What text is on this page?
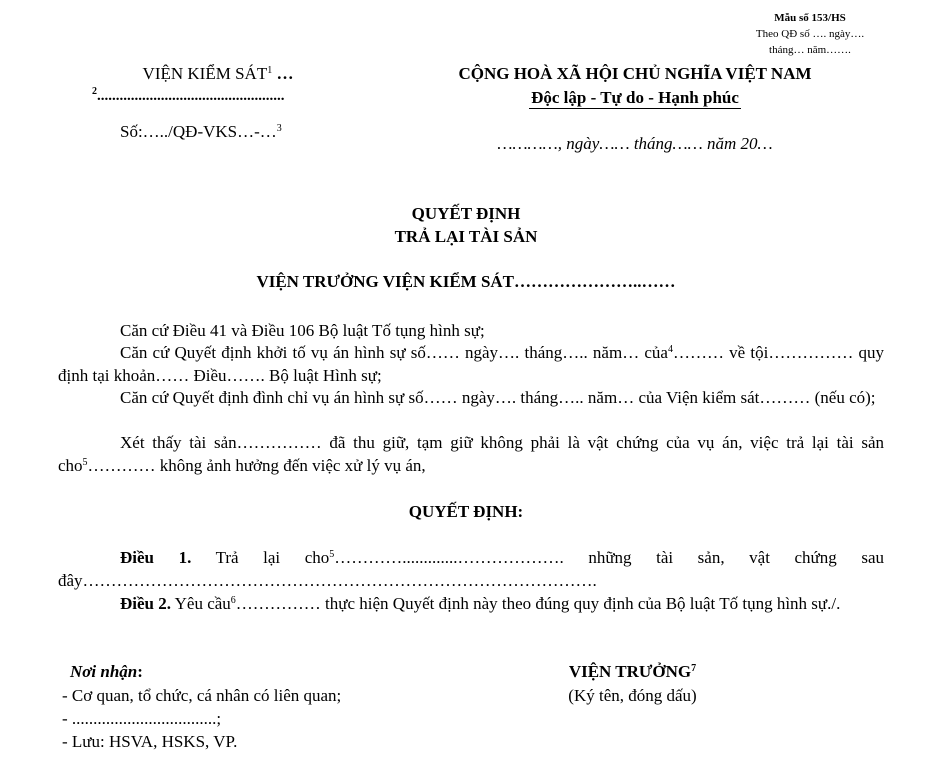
Mẫu số 153/HS
Theo QĐ số …. ngày….
tháng… năm…….
VIỆN KIỂM SÁT$^1$ …
$^2$..................................................
Số:…../QĐ-VKS…-…$^3$
CỘNG HOÀ XÃ HỘI CHỦ NGHĨA VIỆT NAM
Độc lập - Tự do - Hạnh phúc
…………, ngày…… tháng…… năm 20…
QUYẾT ĐỊNH
TRẢ LẠI TÀI SẢN
VIỆN TRƯỞNG VIỆN KIỂM SÁT…………………..……
Căn cứ Điều 41 và Điều 106 Bộ luật Tố tụng hình sự;
Căn cứ Quyết định khởi tố vụ án hình sự số…… ngày…. tháng….. năm… của$^4$……… về tội…………… quy định tại khoản…… Điều……. Bộ luật Hình sự;
Căn cứ Quyết định đình chỉ vụ án hình sự số…… ngày…. tháng….. năm… của Viện kiểm sát……… (nếu có);
Xét thấy tài sản…………… đã thu giữ, tạm giữ không phải là vật chứng của vụ án, việc trả lại tài sản cho$^5$………… không ảnh hưởng đến việc xử lý vụ án,
QUYẾT ĐỊNH:
Điều 1. Trả lại cho$^5$………….............………………. những tài sản, vật chứng sau đây……………………………………………………………………………….
Điều 2. Yêu cầu$^6$…………… thực hiện Quyết định này theo đúng quy định của Bộ luật Tố tụng hình sự./.
Nơi nhận:
- Cơ quan, tổ chức, cá nhân có liên quan;
- ..................................;
- Lưu: HSVA, HSKS, VP.
VIỆN TRƯỞNG$^7$
(Ký tên, đóng dấu)
